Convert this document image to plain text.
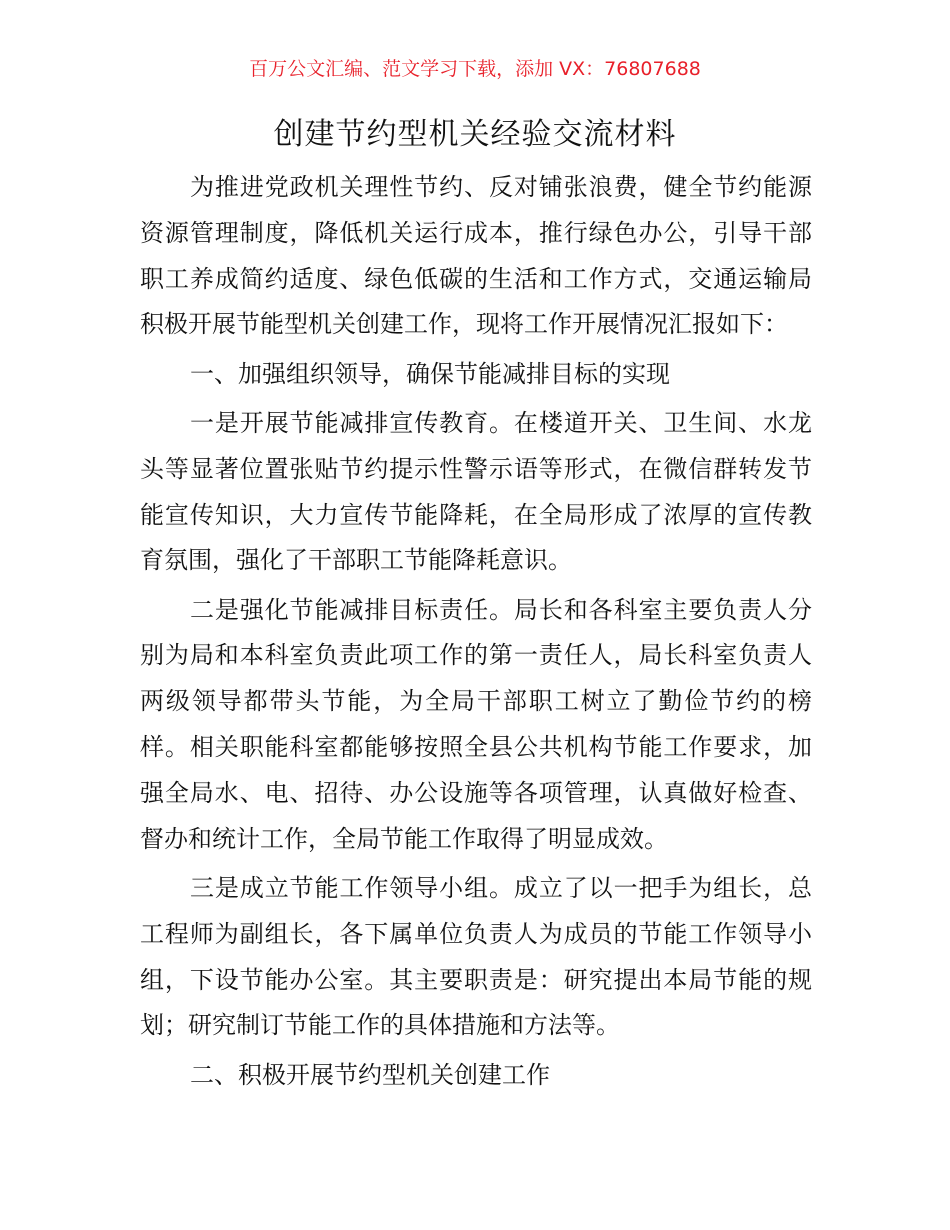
百万公文汇编、范文学习下载，添加 VX：76807688
创建节约型机关经验交流材料
为推进党政机关理性节约、反对铺张浪费，健全节约能源
资源管理制度，降低机关运行成本，推行绿色办公，引导干部
职工养成简约适度、绿色低碳的生活和工作方式，交通运输局
积极开展节能型机关创建工作，现将工作开展情况汇报如下：
一、加强组织领导，确保节能减排目标的实现
一是开展节能减排宣传教育。在楼道开关、卫生间、水龙
头等显著位置张贴节约提示性警示语等形式，在微信群转发节
能宣传知识，大力宣传节能降耗，在全局形成了浓厚的宣传教
育氛围，强化了干部职工节能降耗意识。
二是强化节能减排目标责任。局长和各科室主要负责人分
别为局和本科室负责此项工作的第一责任人，局长科室负责人
两级领导都带头节能，为全局干部职工树立了勤俭节约的榜
样。相关职能科室都能够按照全县公共机构节能工作要求，加
强全局水、电、招待、办公设施等各项管理，认真做好检查、
督办和统计工作，全局节能工作取得了明显成效。
三是成立节能工作领导小组。成立了以一把手为组长，总
工程师为副组长，各下属单位负责人为成员的节能工作领导小
组，下设节能办公室。其主要职责是：研究提出本局节能的规
划；研究制订节能工作的具体措施和方法等。
二、积极开展节约型机关创建工作
